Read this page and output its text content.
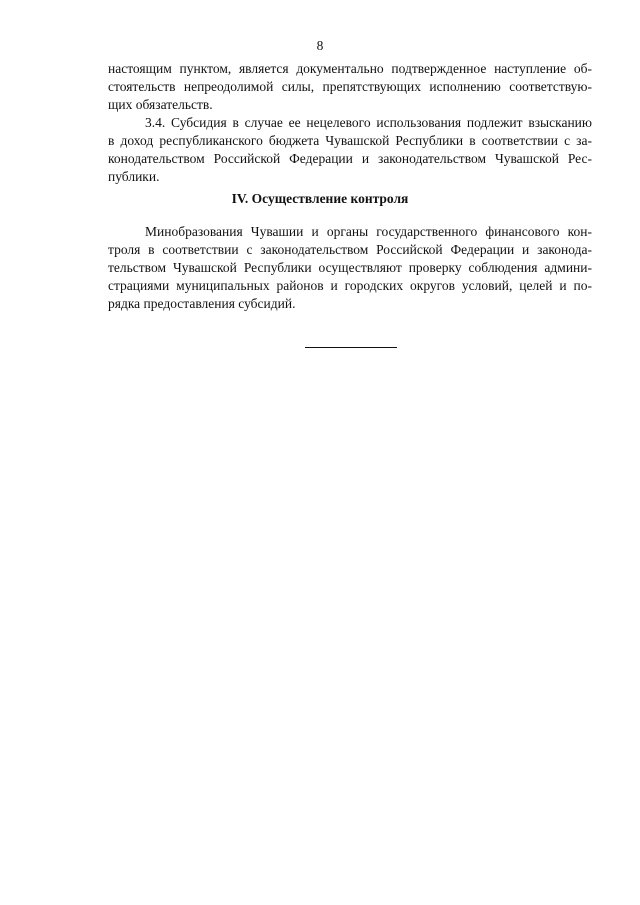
8
настоящим пунктом, является документально подтвержденное наступление об-
стоятельств непреодолимой силы, препятствующих исполнению соответствую-
щих обязательств.
3.4. Субсидия в случае ее нецелевого использования подлежит взысканию
в доход республиканского бюджета Чувашской Республики в соответствии с за-
конодательством Российской Федерации и законодательством Чувашской Рес-
публики.
IV. Осуществление контроля
Минобразования Чувашии и органы государственного финансового кон-
троля в соответствии с законодательством Российской Федерации и законода-
тельством Чувашской Республики осуществляют проверку соблюдения админи-
страциями муниципальных районов и городских округов условий, целей и по-
рядка предоставления субсидий.
